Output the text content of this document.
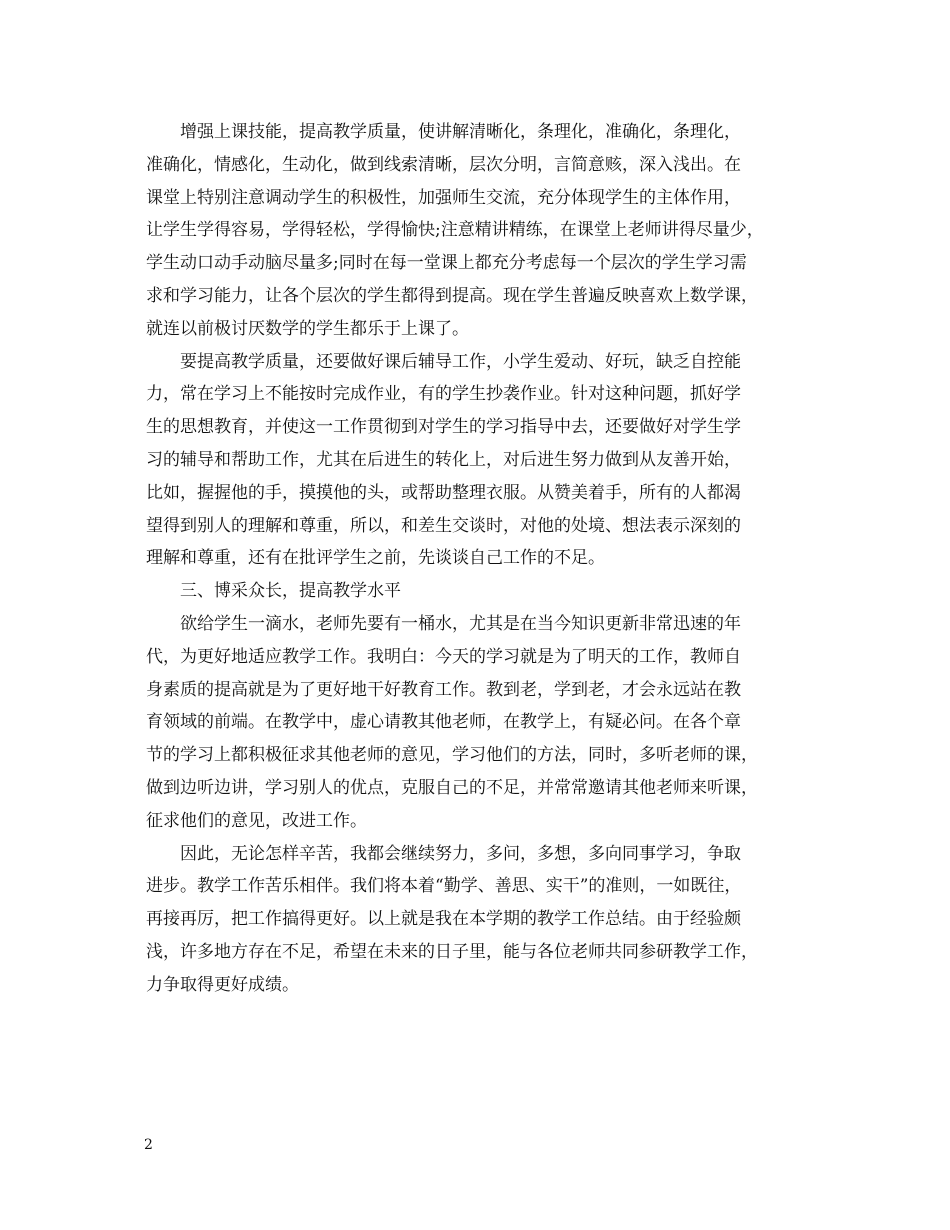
增强上课技能，提高教学质量，使讲解清晰化，条理化，准确化，条理化，
准确化，情感化，生动化，做到线索清晰，层次分明，言简意赅，深入浅出。在
课堂上特别注意调动学生的积极性，加强师生交流，充分体现学生的主体作用，
让学生学得容易，学得轻松，学得愉快;注意精讲精练，在课堂上老师讲得尽量少，
学生动口动手动脑尽量多;同时在每一堂课上都充分考虑每一个层次的学生学习需
求和学习能力，让各个层次的学生都得到提高。现在学生普遍反映喜欢上数学课，
就连以前极讨厌数学的学生都乐于上课了。
要提高教学质量，还要做好课后辅导工作，小学生爱动、好玩，缺乏自控能
力，常在学习上不能按时完成作业，有的学生抄袭作业。针对这种问题，抓好学
生的思想教育，并使这一工作贯彻到对学生的学习指导中去，还要做好对学生学
习的辅导和帮助工作，尤其在后进生的转化上，对后进生努力做到从友善开始，
比如，握握他的手，摸摸他的头，或帮助整理衣服。从赞美着手，所有的人都渴
望得到别人的理解和尊重，所以，和差生交谈时，对他的处境、想法表示深刻的
理解和尊重，还有在批评学生之前，先谈谈自己工作的不足。
三、博采众长，提高教学水平
欲给学生一滴水，老师先要有一桶水，尤其是在当今知识更新非常迅速的年
代，为更好地适应教学工作。我明白：今天的学习就是为了明天的工作，教师自
身素质的提高就是为了更好地干好教育工作。教到老，学到老，才会永远站在教
育领域的前端。在教学中，虚心请教其他老师，在教学上，有疑必问。在各个章
节的学习上都积极征求其他老师的意见，学习他们的方法，同时，多听老师的课，
做到边听边讲，学习别人的优点，克服自己的不足，并常常邀请其他老师来听课，
征求他们的意见，改进工作。
因此，无论怎样辛苦，我都会继续努力，多问，多想，多向同事学习，争取
进步。教学工作苦乐相伴。我们将本着“勤学、善思、实干”的准则，一如既往，
再接再厉，把工作搞得更好。以上就是我在本学期的教学工作总结。由于经验颇
浅，许多地方存在不足，希望在未来的日子里，能与各位老师共同参研教学工作，
力争取得更好成绩。
2
